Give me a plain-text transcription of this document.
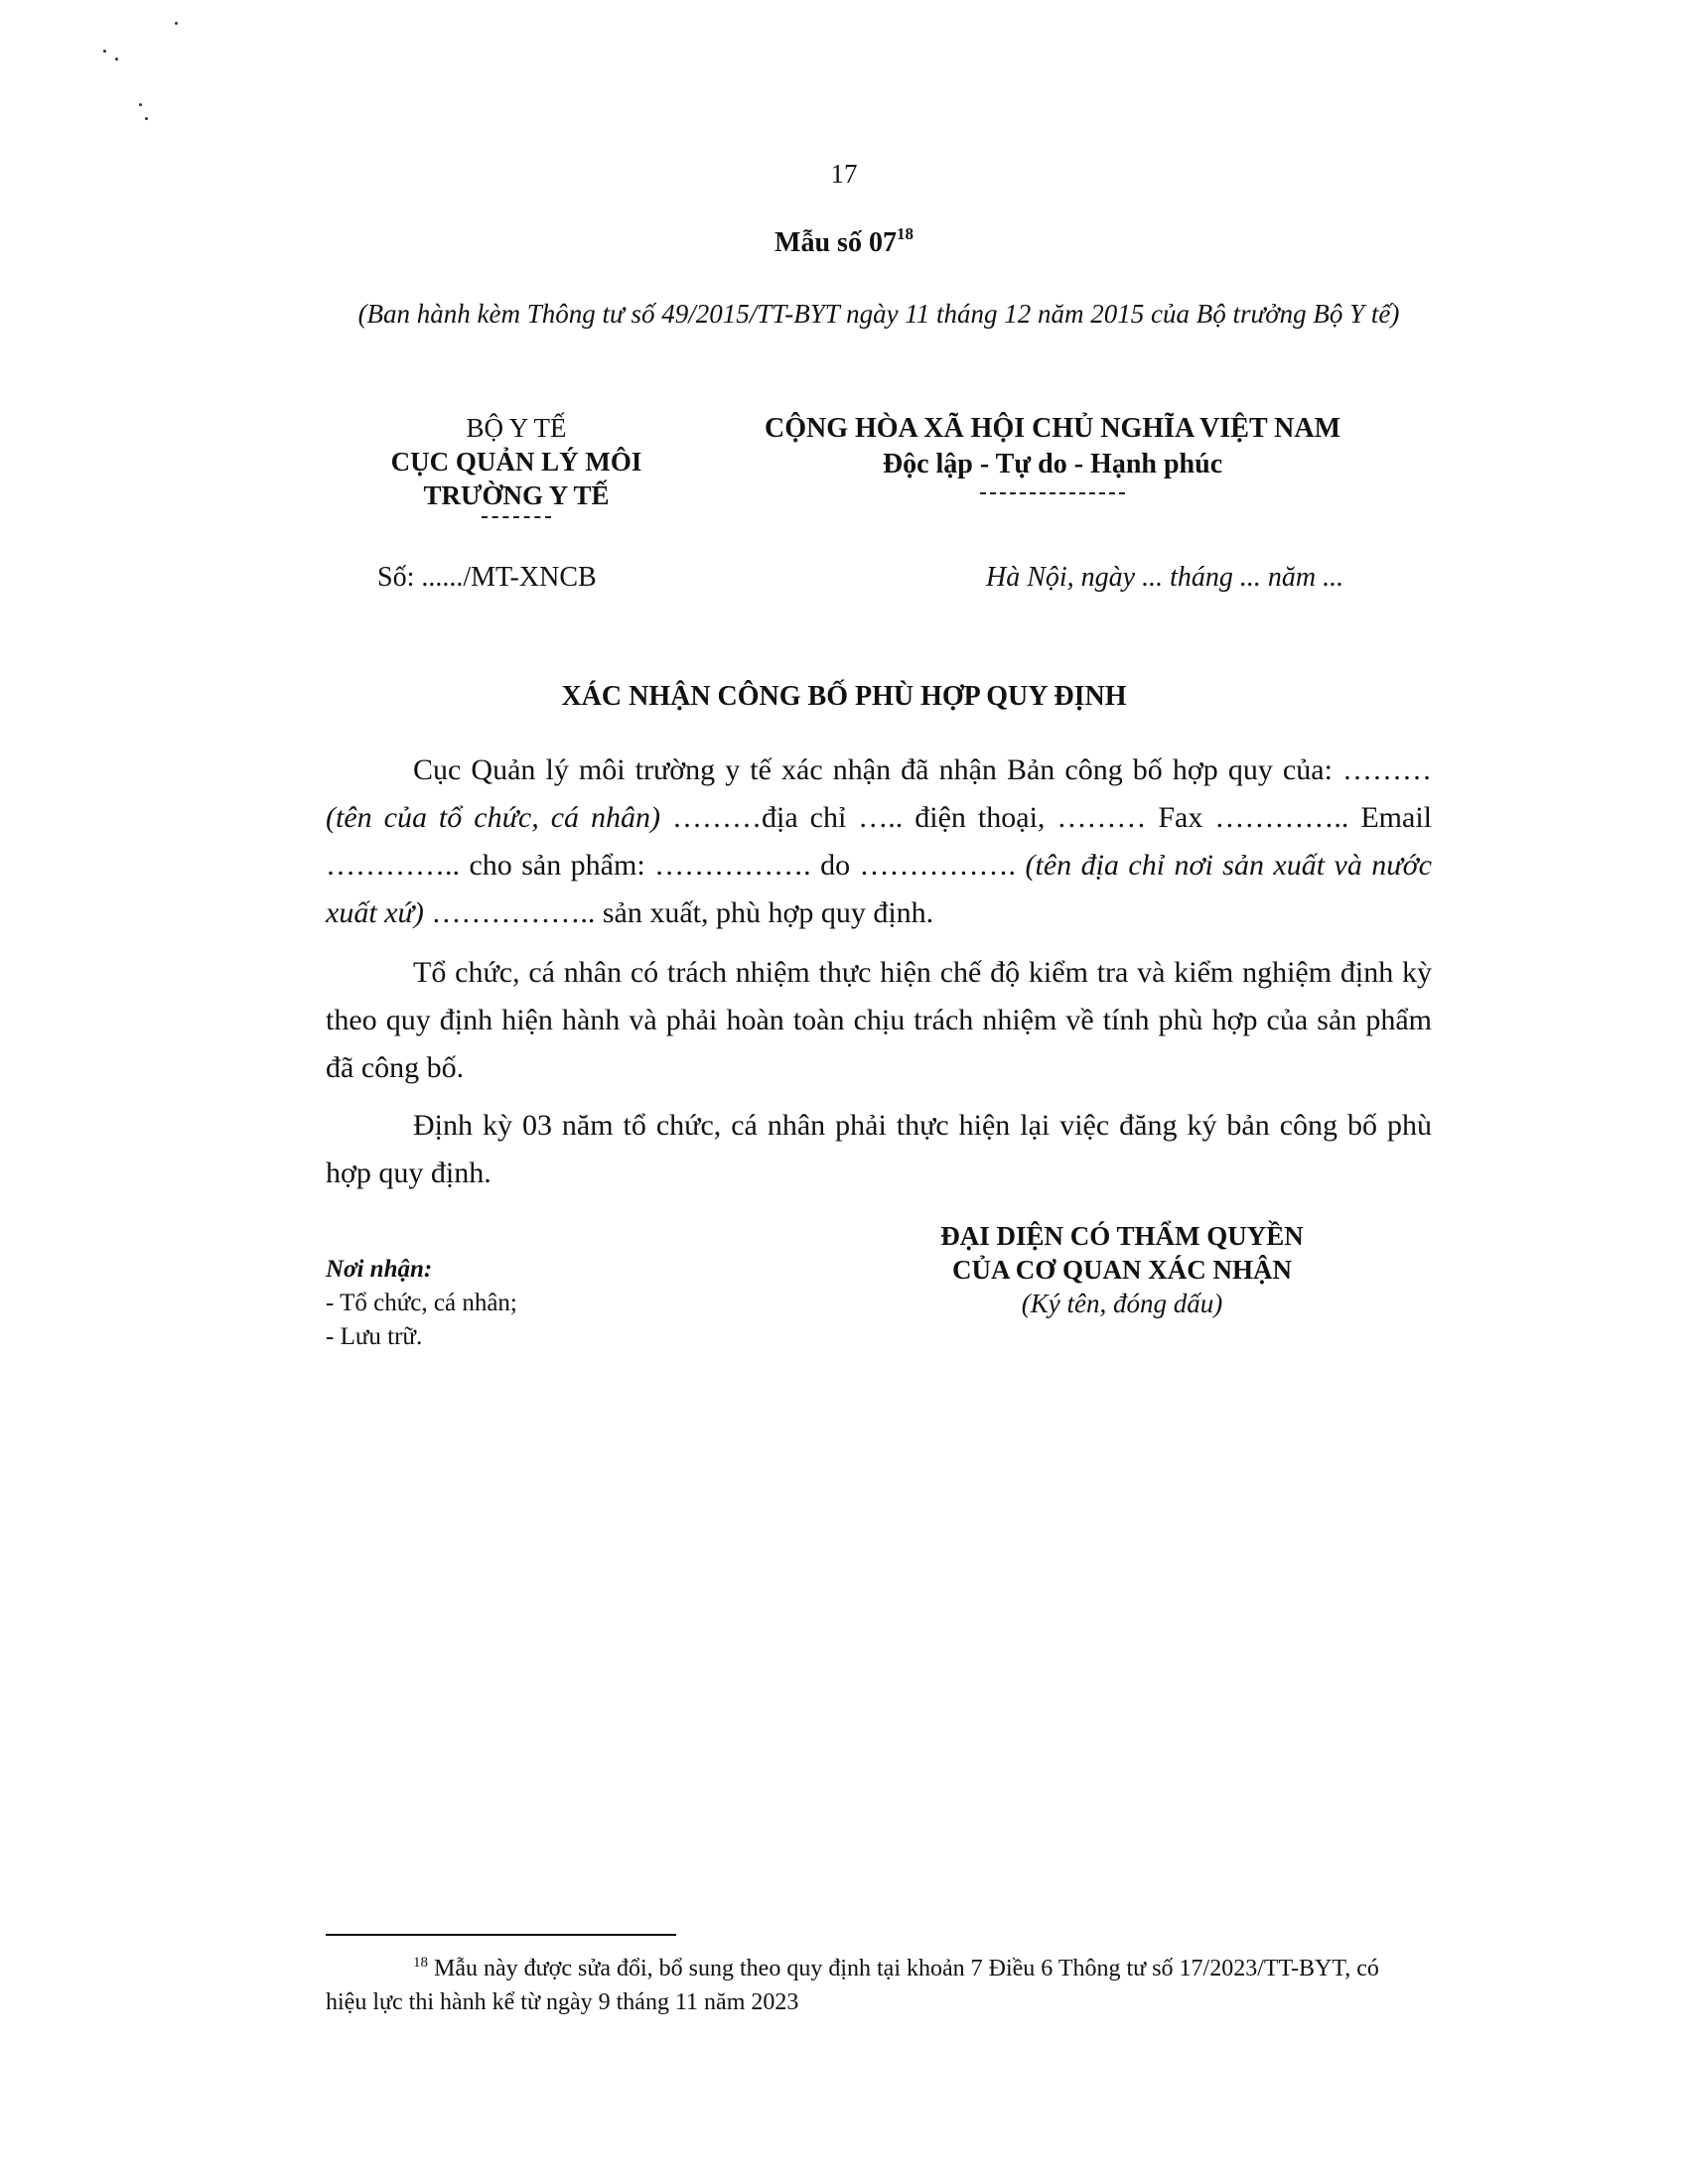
17
Mẫu số $07^{18}$
(Ban hành kèm Thông tư số 49/2015/TT-BYT ngày 11 tháng 12 năm 2015 của Bộ trưởng Bộ Y tế)
BỘ Y TẾ
CỤC QUẢN LÝ MÔI
TRƯỜNG Y TẾ
CỘNG HÒA XÃ HỘI CHỦ NGHĨA VIỆT NAM
Độc lập - Tự do - Hạnh phúc
Số: ....../MT-XNCB	Hà Nội, ngày ... tháng ... năm ...
XÁC NHẬN CÔNG BỐ PHÙ HỢP QUY ĐỊNH

Cục Quản lý môi trường y tế xác nhận đã nhận Bản công bố hợp quy của: ……… (tên của tổ chức, cá nhân) ………địa chỉ ….. điện thoại, ……… Fax ………….. Email ………….. cho sản phẩm: ……………. do ……………. (tên địa chỉ nơi sản xuất và nước xuất xứ) …………….. sản xuất, phù hợp quy định.

Tổ chức, cá nhân có trách nhiệm thực hiện chế độ kiểm tra và kiểm nghiệm định kỳ theo quy định hiện hành và phải hoàn toàn chịu trách nhiệm về tính phù hợp của sản phẩm đã công bố.

Định kỳ 03 năm tổ chức, cá nhân phải thực hiện lại việc đăng ký bản công bố phù hợp quy định.

ĐẠI DIỆN CÓ THẨM QUYỀN
CỦA CƠ QUAN XÁC NHẬN
(Ký tên, đóng dấu)
Nơi nhận:
- Tổ chức, cá nhân;
- Lưu trữ.

$^{18}$ Mẫu này được sửa đổi, bổ sung theo quy định tại khoản 7 Điều 6 Thông tư số 17/2023/TT-BYT, có hiệu lực thi hành kể từ ngày 9 tháng 11 năm 2023
